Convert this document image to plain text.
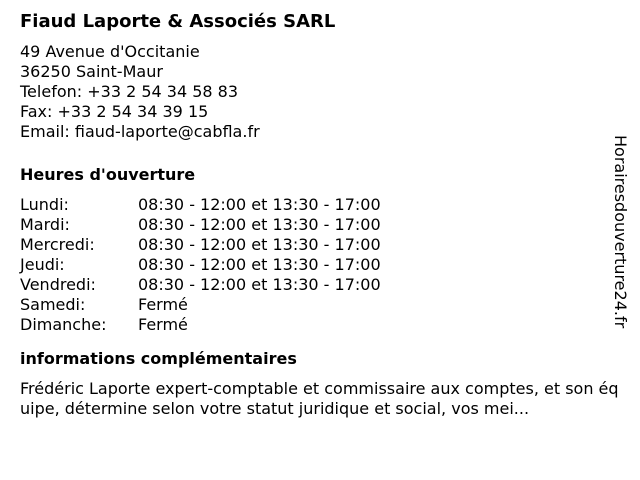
Fiaud Laporte & Associés SARL
49 Avenue d'Occitanie
36250 Saint-Maur
Telefon: +33 2 54 34 58 83
Fax: +33 2 54 34 39 15
Email: fiaud-laporte@cabfla.fr
Heures d'ouverture
Lundi:	08:30 - 12:00 et 13:30 - 17:00
Mardi:	08:30 - 12:00 et 13:30 - 17:00
Mercredi:	08:30 - 12:00 et 13:30 - 17:00
Jeudi:	08:30 - 12:00 et 13:30 - 17:00
Vendredi:	08:30 - 12:00 et 13:30 - 17:00
Samedi:	Fermé
Dimanche:	Fermé
informations complémentaires
Frédéric Laporte expert-comptable et commissaire aux comptes, et son équipe, détermine selon votre statut juridique et social, vos mei...
Horairesdouverture24.fr
